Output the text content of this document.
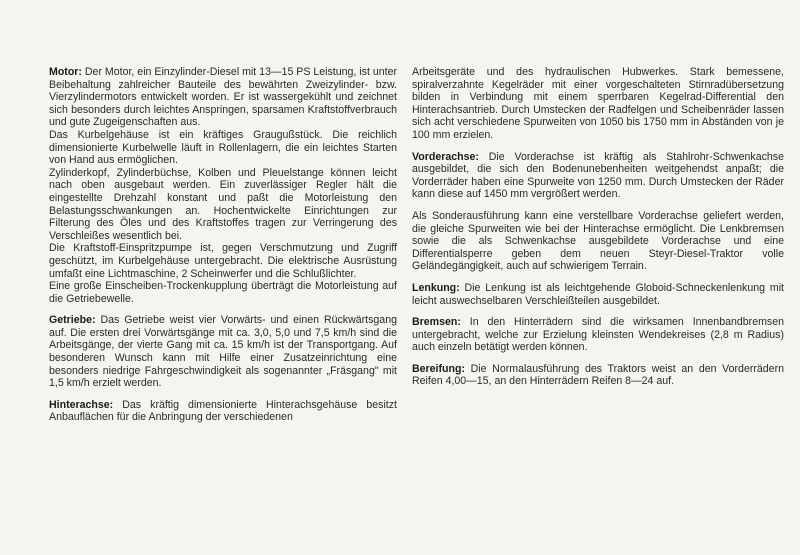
Motor: Der Motor, ein Einzylinder-Diesel mit 13—15 PS Leistung, ist unter Beibehaltung zahlreicher Bauteile des bewährten Zweizylinder- bzw. Vierzylindermotors entwickelt worden. Er ist wassergekühlt und zeichnet sich besonders durch leichtes Anspringen, sparsamen Kraftstoffverbrauch und gute Zugeigenschaften aus.

Das Kurbelgehäuse ist ein kräftiges Graugußstück. Die reichlich dimensionierte Kurbelwelle läuft in Rollenlagern, die ein leichtes Starten von Hand aus ermöglichen.

Zylinderkopf, Zylinderbüchse, Kolben und Pleuelstange können leicht nach oben ausgebaut werden. Ein zuverlässiger Regler hält die eingestellte Drehzahl konstant und paßt die Motorleistung den Belastungsschwankungen an. Hochentwickelte Einrichtungen zur Filterung des Öles und des Kraftstoffes tragen zur Verringerung des Verschleißes wesentlich bei.

Die Kraftstoff-Einspritzpumpe ist, gegen Verschmutzung und Zugriff geschützt, im Kurbelgehäuse untergebracht. Die elektrische Ausrüstung umfaßt eine Lichtmaschine, 2 Scheinwerfer und die Schlußlichter.

Eine große Einscheiben-Trockenkupplung überträgt die Motorleistung auf die Getriebewelle.

Getriebe: Das Getriebe weist vier Vorwärts- und einen Rückwärtsgang auf. Die ersten drei Vorwärtsgänge mit ca. 3,0, 5,0 und 7,5 km/h sind die Arbeitsgänge, der vierte Gang mit ca. 15 km/h ist der Transportgang. Auf besonderen Wunsch kann mit Hilfe einer Zusatzeinrichtung eine besonders niedrige Fahrgeschwindigkeit als sogenannter „Fräsgang" mit 1,5 km/h erzielt werden.

Hinterachse: Das kräftig dimensionierte Hinterachsgehäuse besitzt Anbauflächen für die Anbringung der verschiedenen

Arbeitsgeräte und des hydraulischen Hubwerkes. Stark bemessene, spiralverzahnte Kegelräder mit einer vorgeschalteten Stirnradübersetzung bilden in Verbindung mit einem sperrbaren Kegelrad-Differential den Hinterachsantrieb. Durch Umstecken der Radfelgen und Scheibenräder lassen sich acht verschiedene Spurweiten von 1050 bis 1750 mm in Abständen von je 100 mm erzielen.

Vorderachse: Die Vorderachse ist kräftig als Stahlrohr-Schwenkachse ausgebildet, die sich den Bodenunebenheiten weitgehendst anpaßt; die Vorderräder haben eine Spurweite von 1250 mm. Durch Umstecken der Räder kann diese auf 1450 mm vergrößert werden.

Als Sonderausführung kann eine verstellbare Vorderachse geliefert werden, die gleiche Spurweiten wie bei der Hinterachse ermöglicht. Die Lenkbremsen sowie die als Schwenkachse ausgebildete Vorderachse und eine Differentialsperre geben dem neuen Steyr-Diesel-Traktor volle Geländegängigkeit, auch auf schwierigem Terrain.

Lenkung: Die Lenkung ist als leichtgehende Globoid-Schneckenlenkung mit leicht auswechselbaren Verschleißteilen ausgebildet.

Bremsen: In den Hinterrädern sind die wirksamen Innenbandbremsen untergebracht, welche zur Erzielung kleinsten Wendekreises (2,8 m Radius) auch einzeln betätigt werden können.

Bereifung: Die Normalausführung des Traktors weist an den Vorderrädern Reifen 4,00—15, an den Hinterrädern Reifen 8—24 auf.
